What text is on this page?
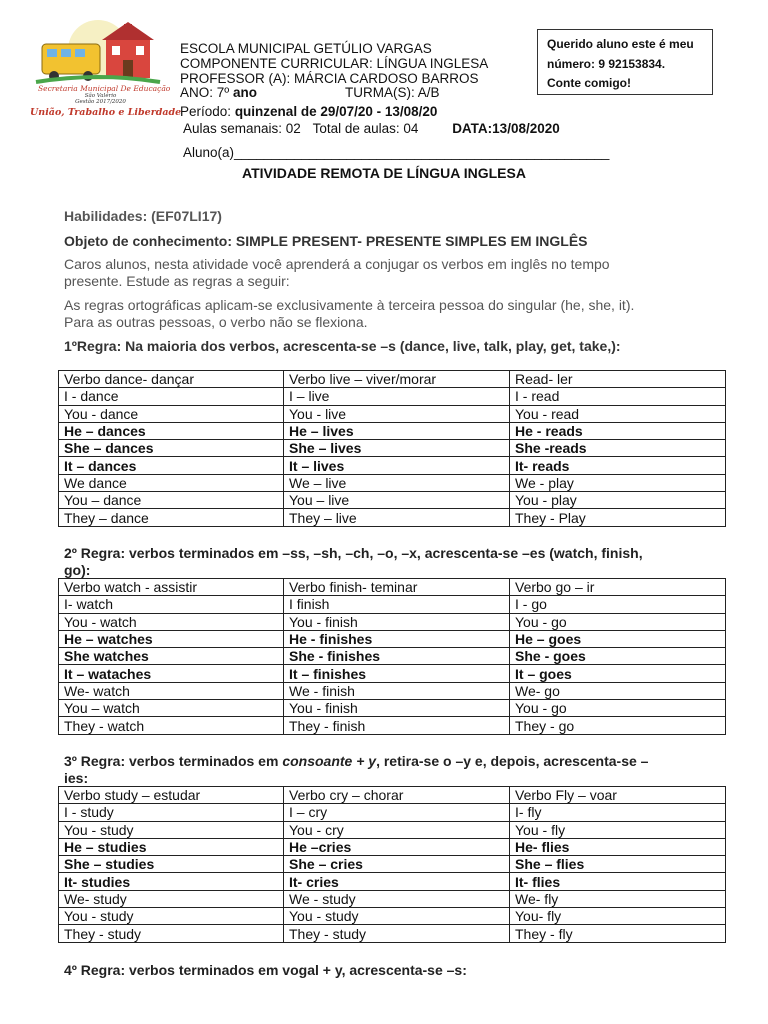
Secretaria Municipal De Educação
São Valério
Gestão 2017/2020
União, Trabalho e Liberdade
ESCOLA MUNICIPAL GETÚLIO VARGAS
COMPONENTE CURRICULAR: LÍNGUA INGLESA
PROFESSOR (A): MÁRCIA CARDOSO BARROS
ANO: 7º ano	TURMA(S): A/B
Período: quinzenal de 29/07/20 - 13/08/20
Aulas semanais: 02 Total de aulas: 04	DATA:13/08/2020
Aluno(a)__________________________________________________
Querido aluno este é meu
número: 9 92153834.
Conte comigo!
ATIVIDADE REMOTA DE LÍNGUA INGLESA
Habilidades: (EF07LI17)
Objeto de conhecimento: SIMPLE PRESENT- PRESENTE SIMPLES EM INGLÊS
Caros alunos, nesta atividade você aprenderá a conjugar os verbos em inglês no tempo
presente. Estude as regras a seguir:
As regras ortográficas aplicam-se exclusivamente à terceira pessoa do singular (he, she, it).
Para as outras pessoas, o verbo não se flexiona.
1ºRegra: Na maioria dos verbos, acrescenta-se –s (dance, live, talk, play, get, take,):
Verbo dance- dançar	Verbo live – viver/morar	Read- ler
I - dance	I – live	I - read
You - dance	You - live	You - read
He – dances	He – lives	He - reads
She – dances	She – lives	She -reads
It – dances	It – lives	It- reads
We dance	We – live	We - play
You – dance	You – live	You - play
They – dance	They – live	They - Play
2º Regra: verbos terminados em –ss, –sh, –ch, –o, –x, acrescenta-se –es (watch, finish,
go):
Verbo watch - assistir	Verbo finish- teminar	Verbo go – ir
I- watch	I finish	I - go
You - watch	You - finish	You - go
He – watches	He - finishes	He – goes
She watches	She - finishes	She - goes
It – wataches	It – finishes	It – goes
We- watch	We - finish	We- go
You – watch	You - finish	You - go
They - watch	They - finish	They - go
3º Regra: verbos terminados em consoante + y, retira-se o –y e, depois, acrescenta-se –
ies:
Verbo study – estudar	Verbo cry – chorar	Verbo Fly – voar
I - study	I – cry	I- fly
You - study	You - cry	You - fly
He – studies	He –cries	He- flies
She – studies	She – cries	She – flies
It- studies	It- cries	It- flies
We- study	We - study	We- fly
You - study	You - study	You- fly
They - study	They - study	They - fly
4º Regra: verbos terminados em vogal + y, acrescenta-se –s:
